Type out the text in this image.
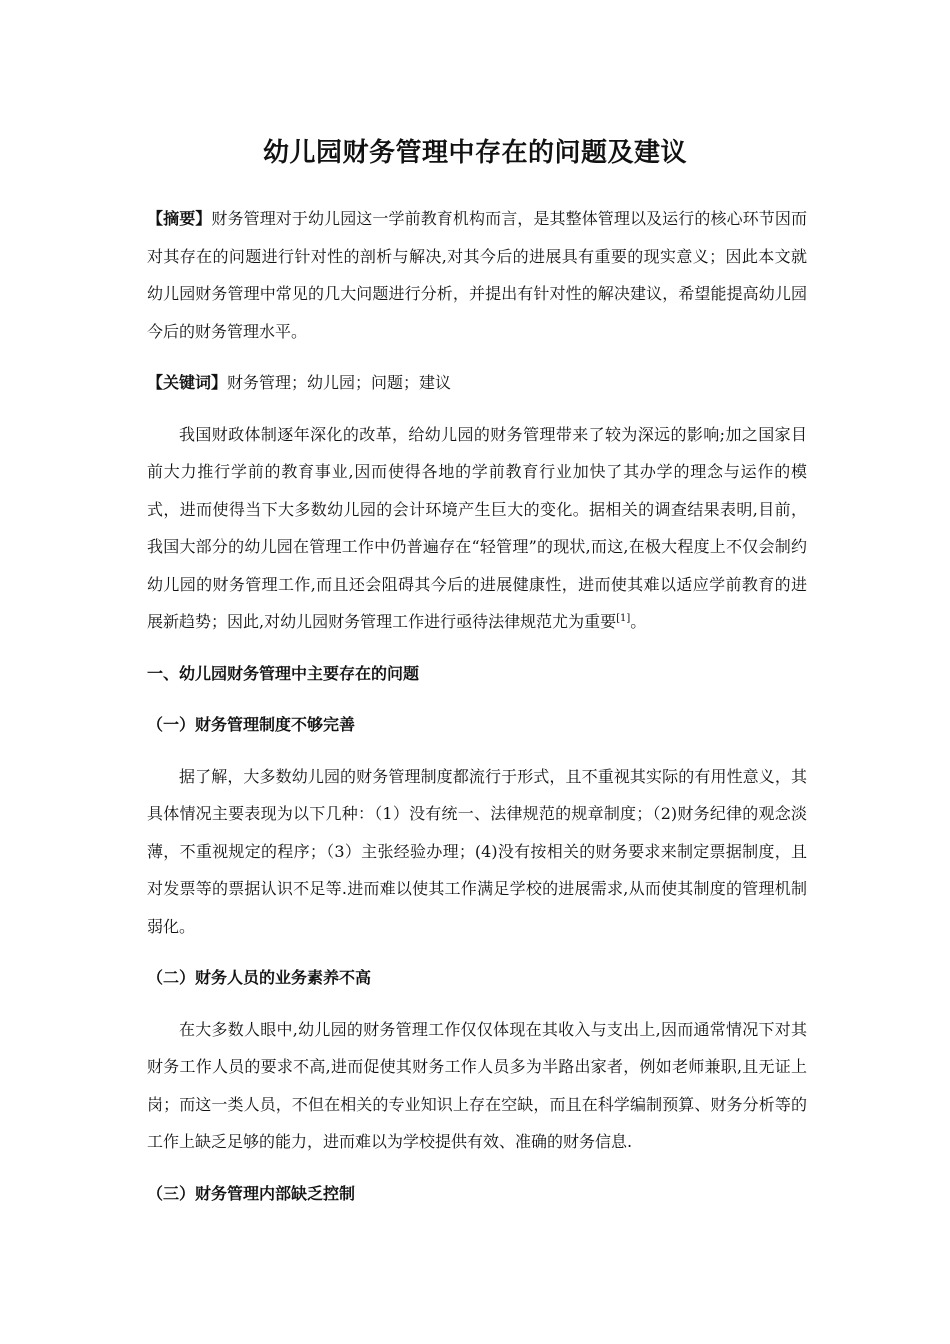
幼儿园财务管理中存在的问题及建议

【摘要】财务管理对于幼儿园这一学前教育机构而言，是其整体管理以及运行的核心环节因而对其存在的问题进行针对性的剖析与解决,对其今后的进展具有重要的现实意义；因此本文就幼儿园财务管理中常见的几大问题进行分析，并提出有针对性的解决建议，希望能提高幼儿园今后的财务管理水平。

【关键词】财务管理；幼儿园；问题；建议

我国财政体制逐年深化的改革，给幼儿园的财务管理带来了较为深远的影响;加之国家目前大力推行学前的教育事业,因而使得各地的学前教育行业加快了其办学的理念与运作的模式，进而使得当下大多数幼儿园的会计环境产生巨大的变化。据相关的调查结果表明,目前，我国大部分的幼儿园在管理工作中仍普遍存在“轻管理”的现状,而这,在极大程度上不仅会制约幼儿园的财务管理工作,而且还会阻碍其今后的进展健康性，进而使其难以适应学前教育的进展新趋势；因此,对幼儿园财务管理工作进行亟待法律规范尤为重要[1]。

一、幼儿园财务管理中主要存在的问题
（一）财务管理制度不够完善

据了解，大多数幼儿园的财务管理制度都流行于形式，且不重视其实际的有用性意义，其具体情况主要表现为以下几种：（1）没有统一、法律规范的规章制度；（2)财务纪律的观念淡薄，不重视规定的程序；（3）主张经验办理；(4)没有按相关的财务要求来制定票据制度，且对发票等的票据认识不足等.进而难以使其工作满足学校的进展需求,从而使其制度的管理机制弱化。

（二）财务人员的业务素养不高

在大多数人眼中,幼儿园的财务管理工作仅仅体现在其收入与支出上,因而通常情况下对其财务工作人员的要求不高,进而促使其财务工作人员多为半路出家者，例如老师兼职,且无证上岗；而这一类人员，不但在相关的专业知识上存在空缺，而且在科学编制预算、财务分析等的工作上缺乏足够的能力，进而难以为学校提供有效、准确的财务信息.

（三）财务管理内部缺乏控制
